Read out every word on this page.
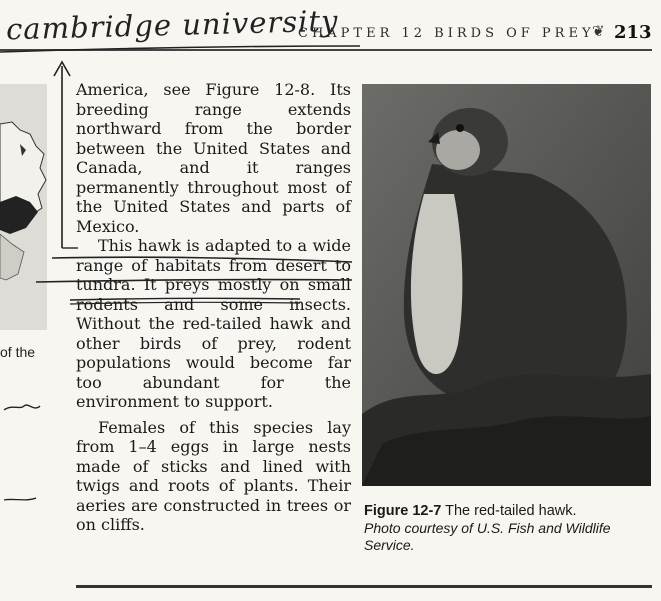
cambridge university
CHAPTER 12 BIRDS OF PREY
❦ 213
of the

America, see Figure 12-8. Its breeding range extends northward from the border between the United States and Canada, and it ranges permanently throughout most of the United States and parts of Mexico.

This hawk is adapted to a wide range of habitats from desert to tundra. It preys mostly on small rodents and some insects. Without the red-tailed hawk and other birds of prey, rodent populations would become far too abundant for the environment to support.

Females of this species lay from 1–4 eggs in large nests made of sticks and lined with twigs and roots of plants. Their aeries are constructed in trees or on cliffs.

Figure 12-7 The red-tailed hawk.
Photo courtesy of U.S. Fish and Wildlife Service.
